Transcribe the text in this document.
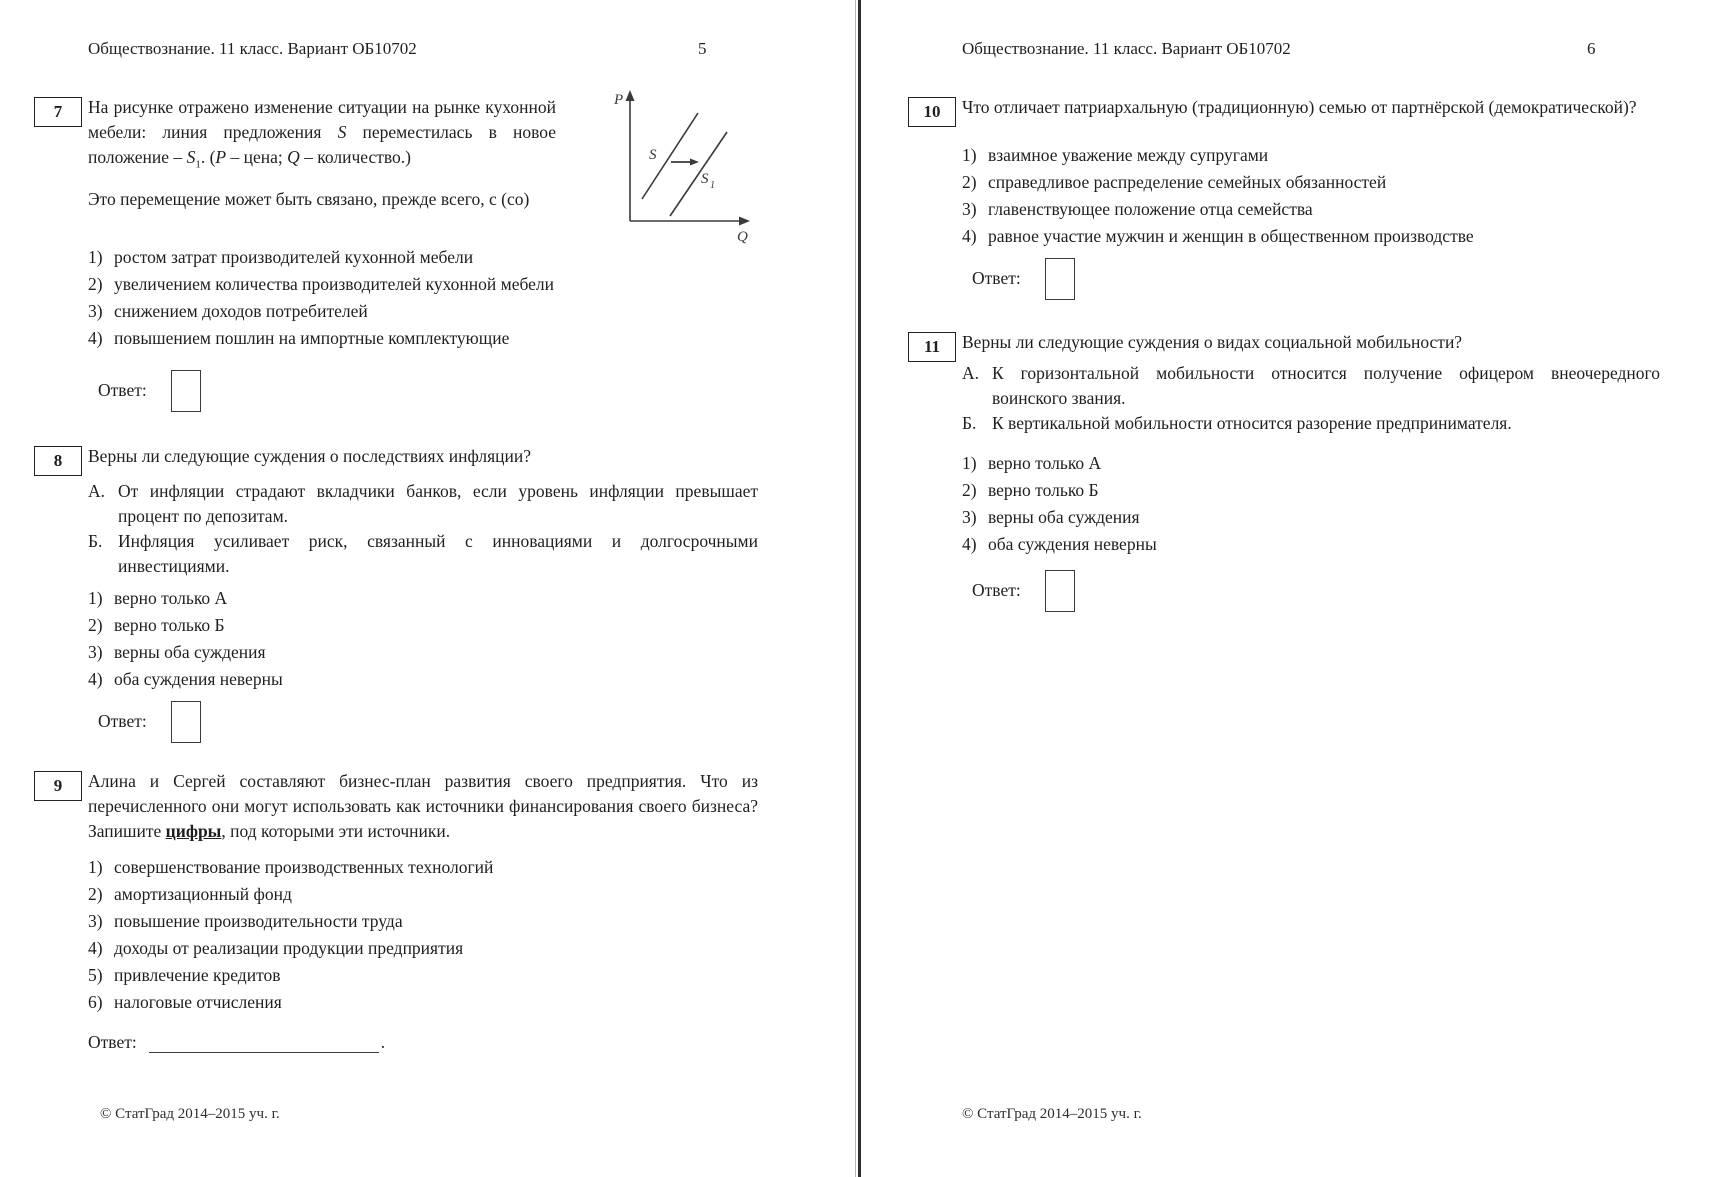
Обществознание. 11 класс. Вариант ОБ10702	5
7	На рисунке отражено изменение ситуации на рынке кухонной мебели: линия предложения S переместилась в новое положение – $S_1$. (P – цена; Q – количество.)

Это перемещение может быть связано, прежде всего, с (со)

P
Q
S
S 1
1) ростом затрат производителей кухонной мебели
2) увеличением количества производителей кухонной мебели
3) снижением доходов потребителей
4) повышением пошлин на импортные комплектующие
Ответ:
8	Верны ли следующие суждения о последствиях инфляции?

А. От инфляции страдают вкладчики банков, если уровень инфляции превышает процент по депозитам.
Б. Инфляция усиливает риск, связанный с инновациями и долгосрочными инвестициями.
1) верно только А
2) верно только Б
3) верны оба суждения
4) оба суждения неверны
Ответ:
9	Алина и Сергей составляют бизнес-план развития своего предприятия. Что из перечисленного они могут использовать как источники финансирования своего бизнеса? Запишите цифры, под которыми эти источники.

1) совершенствование производственных технологий
2) амортизационный фонд
3) повышение производительности труда
4) доходы от реализации продукции предприятия
5) привлечение кредитов
6) налоговые отчисления
Ответ:	.
© СтатГрад 2014–2015 уч. г.
Обществознание. 11 класс. Вариант ОБ10702	6
10	Что отличает патриархальную (традиционную) семью от партнёрской (демократической)?

1) взаимное уважение между супругами
2) справедливое распределение семейных обязанностей
3) главенствующее положение отца семейства
4) равное участие мужчин и женщин в общественном производстве
Ответ:
11	Верны ли следующие суждения о видах социальной мобильности?

А. К горизонтальной мобильности относится получение офицером внеочередного воинского звания.
Б. К вертикальной мобильности относится разорение предпринимателя.
1) верно только А
2) верно только Б
3) верны оба суждения
4) оба суждения неверны
Ответ:
© СтатГрад 2014–2015 уч. г.
